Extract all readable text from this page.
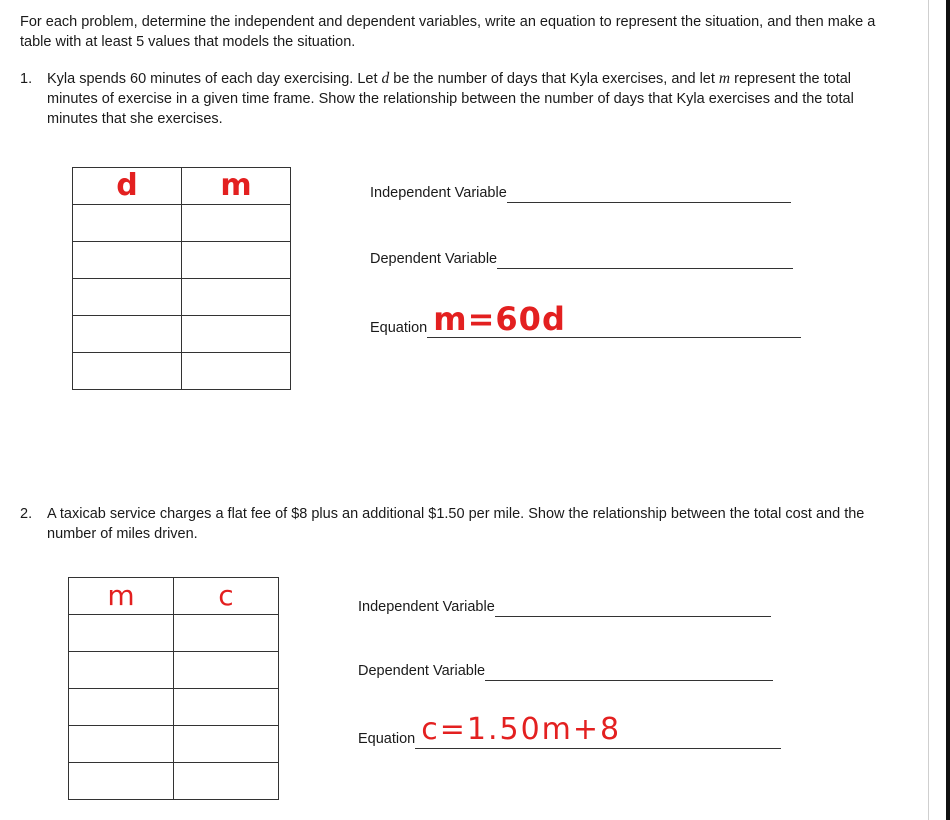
For each problem, determine the independent and dependent variables, write an equation to represent the situation, and then make a table with at least 5 values that models the situation.
1. Kyla spends 60 minutes of each day exercising. Let d be the number of days that Kyla exercises, and let m represent the total minutes of exercise in a given time frame. Show the relationship between the number of days that Kyla exercises and the total minutes that she exercises.
d	m

		Independent Variable
Dependent Variable
Equation m=60d
2. A taxicab service charges a flat fee of $8 plus an additional $1.50 per mile. Show the relationship between the total cost and the number of miles driven.
m	c

		Independent Variable
Dependent Variable
Equation c=1.50m+8
